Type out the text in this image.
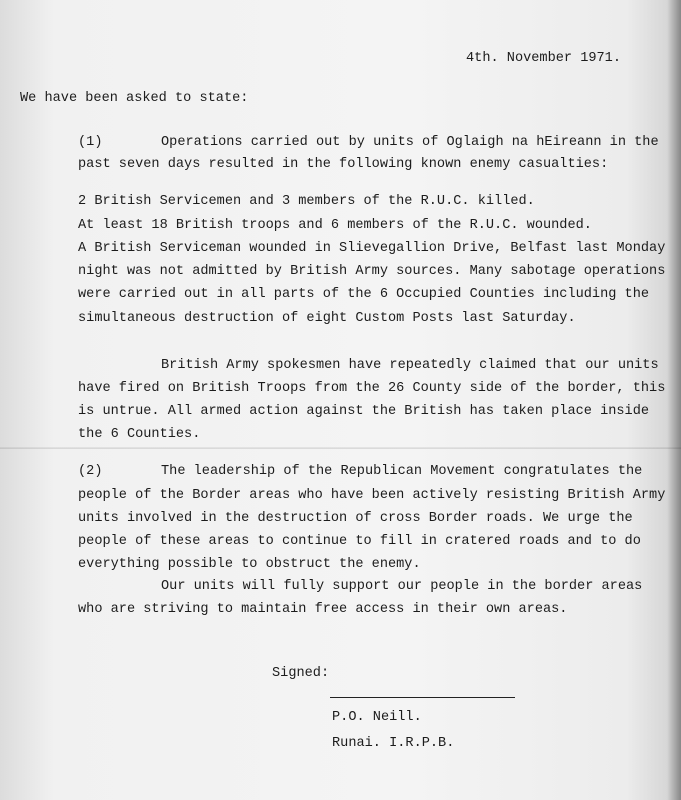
4th. November 1971.
We have been asked to state:
(1)	Operations carried out by units of Oglaigh na hEireann in the
past seven days resulted in the following known enemy casualties:
2 British Servicemen and 3 members of the R.U.C. killed.
At least 18 British troops and 6 members of the R.U.C. wounded.
A British Serviceman wounded in Slievegallion Drive, Belfast last Monday
night was not admitted by British Army sources. Many sabotage operations
were carried out in all parts of the 6 Occupied Counties including the
simultaneous destruction of eight Custom Posts last Saturday.
British Army spokesmen have repeatedly claimed that our units
have fired on British Troops from the 26 County side of the border, this
is untrue. All armed action against the British has taken place inside
the 6 Counties.
(2)	The leadership of the Republican Movement congratulates the
people of the Border areas who have been actively resisting British Army
units involved in the destruction of cross Border roads. We urge the
people of these areas to continue to fill in cratered roads and to do
everything possible to obstruct the enemy.
Our units will fully support our people in the border areas
who are striving to maintain free access in their own areas.
Signed:
P.O. Neill.
Runai. I.R.P.B.
